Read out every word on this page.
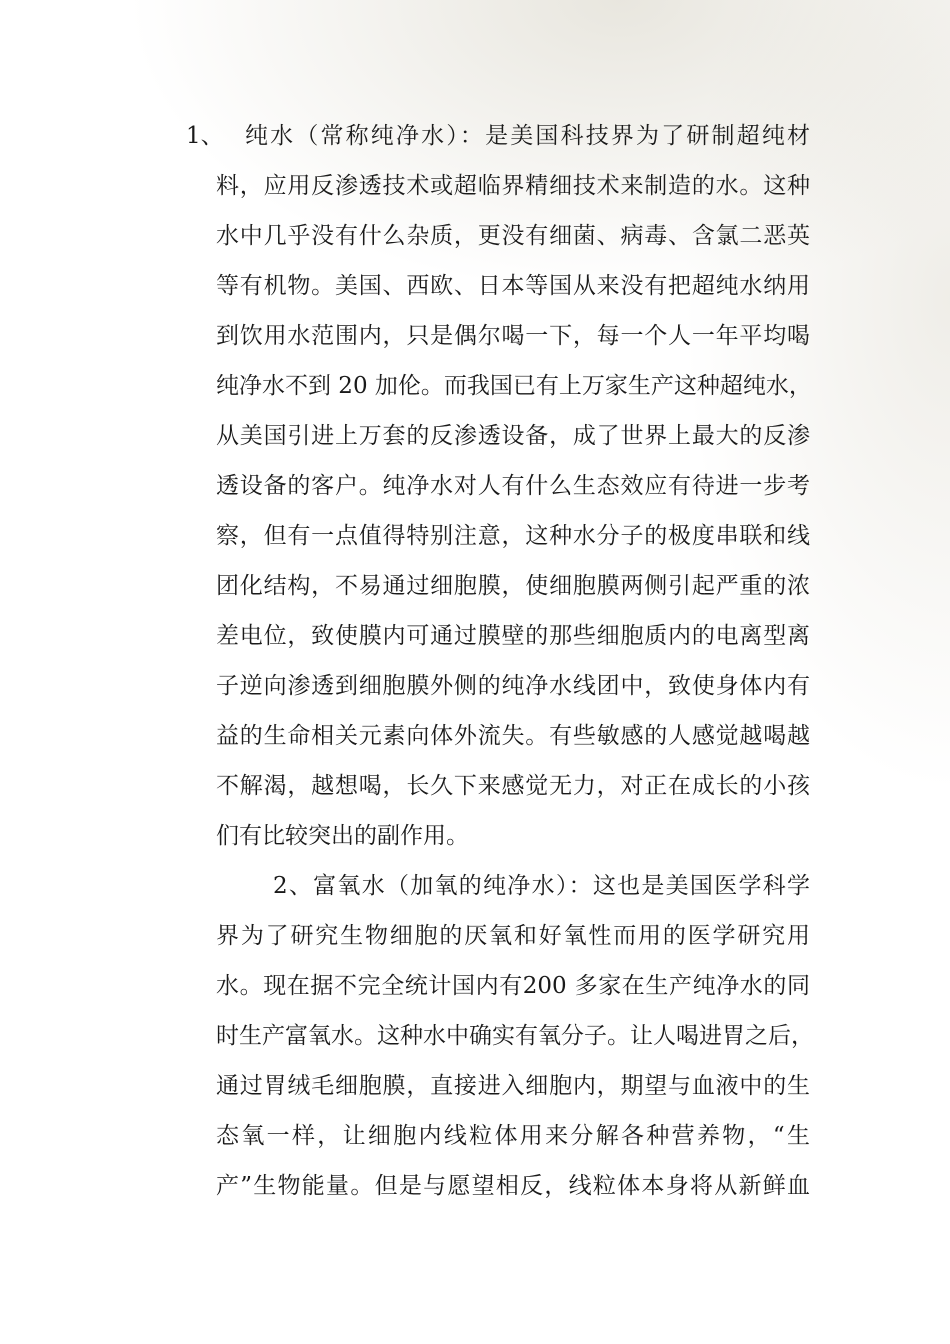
1、 纯水（常称纯净水）：是美国科技界为了研制超纯材
料，应用反渗透技术或超临界精细技术来制造的水。这种
水中几乎没有什么杂质，更没有细菌、病毒、含氯二恶英
等有机物。美国、西欧、日本等国从来没有把超纯水纳用
到饮用水范围内，只是偶尔喝一下，每一个人一年平均喝
纯净水不到 20 加伦。而我国已有上万家生产这种超纯水，
从美国引进上万套的反渗透设备，成了世界上最大的反渗
透设备的客户。纯净水对人有什么生态效应有待进一步考
察，但有一点值得特别注意，这种水分子的极度串联和线
团化结构，不易通过细胞膜，使细胞膜两侧引起严重的浓
差电位，致使膜内可通过膜壁的那些细胞质内的电离型离
子逆向渗透到细胞膜外侧的纯净水线团中，致使身体内有
益的生命相关元素向体外流失。有些敏感的人感觉越喝越
不解渴，越想喝，长久下来感觉无力，对正在成长的小孩
们有比较突出的副作用。
2、富氧水（加氧的纯净水）：这也是美国医学科学
界为了研究生物细胞的厌氧和好氧性而用的医学研究用
水。现在据不完全统计国内有200 多家在生产纯净水的同
时生产富氧水。这种水中确实有氧分子。让人喝进胃之后，
通过胃绒毛细胞膜，直接进入细胞内，期望与血液中的生
态氧一样，让细胞内线粒体用来分解各种营养物，“生
产”生物能量。但是与愿望相反，线粒体本身将从新鲜血
